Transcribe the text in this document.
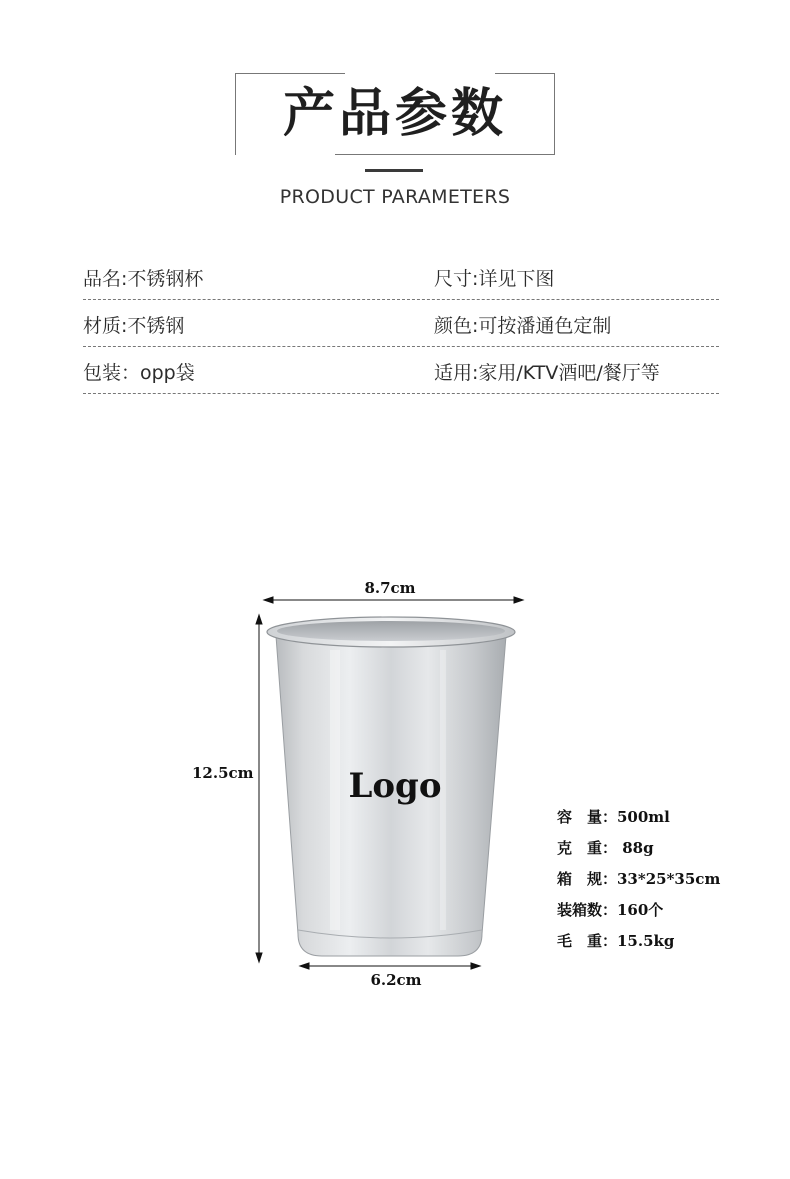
产品参数
PRODUCT PARAMETERS
品名:不锈钢杯	尺寸:详见下图
材质:不锈钢	颜色:可按潘通色定制
包装：opp袋	适用:家用/KTV酒吧/餐厅等
8.7cm
12.5cm	Logo
6.2cm
容　量：500ml
克　重： 88g
箱　规：33*25*35cm
装箱数：160个
毛　重：15.5kg
